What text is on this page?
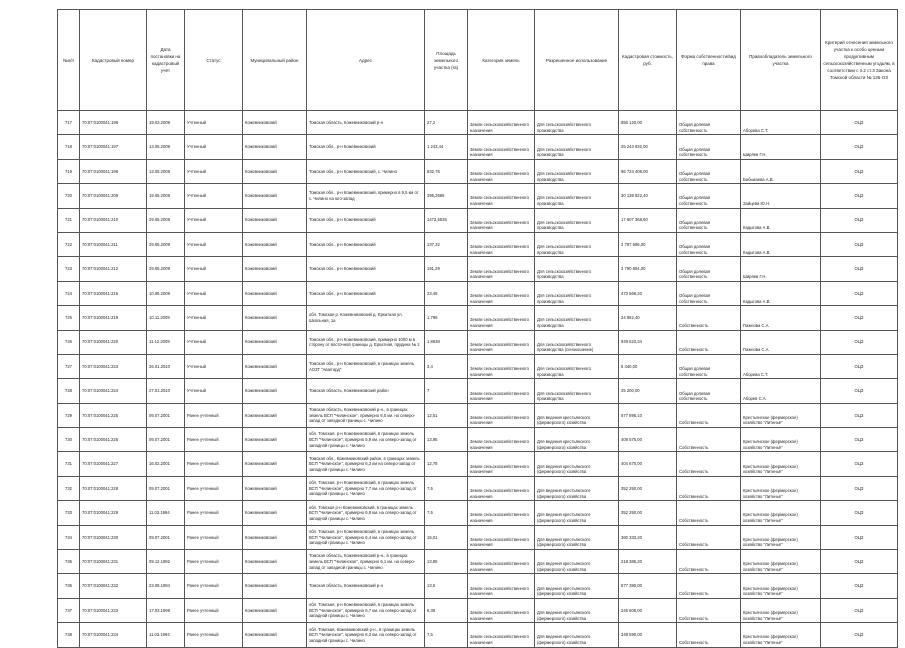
№п/п	Кадастровый номер	Дата постановки на кадастровый учёт	Статус	Муниципальный район	Адрес	Площадь земельного участка (га)	Категория земель	Разрешенное использование	Кадастровая стоимость, руб.	Форма собственности/вид права	Правообладатель земельного участка	Критерий отнесения земельного участка к особо ценным продуктивным сельскохозяйственным угодьям, в соответствии с п.2 ст.3 Закона Томской области № 135-ОЗ
717	70:07:0100041:198	19.03.2009	Учтенный	Кожевниковский	Томская область, Кожевниковский р-н	27,2	Земли сельскохозяйственного назначения	Для сельскохозяйственного производства	856 120,00	Общая долевая собственность	Аборева С.Т.	ОЦЗ
718	70:07:0100041:197	13.05.2009	Учтенный	Кожевниковский	Томская обл., р-н Кожевниковский	1 243,44	Земли сельскохозяйственного назначения	Для сельскохозяйственного производства	25 243 832,00	Общая долевая собственность	Ширяев Г.Н.	ОЦЗ
719	70:07:0100041:198	13.05.2009	Учтенный	Кожевниковский	Томская обл., р-н Кожевниковский, с. Чилино	832,76	Земли сельскохозяйственного назначения	Для сельскохозяйственного производства	96 724 408,00	Общая долевая собственность	Бабыкаева А.В.	ОЦЗ
720	70:07:0100041:209	19.05.2009	Учтенный	Кожевниковский	Томская обл., р-н Кожевниковский, примерно в 9,5 км от с. Чилино на юго-запад	395,2665	Земли сельскохозяйственного назначения	Для сельскохозяйственного производства	30 138 822,40	Общая долевая собственность	Зайцева Ю.Н.	ОЦЗ
721	70:07:0100041:210	29.05.2009	Учтенный	Кожевниковский	Томская обл., р-н Кожевниковский	1472,5535	Земли сельскохозяйственного назначения	Для сельскохозяйственного производства	17 607 368,60	Общая долевая собственность	Кадыгова А.В.	ОЦЗ
722	70:07:0100041:211	29.05.2009	Учтенный	Кожевниковский	Томская обл., р-н Кожевниковский	137,32	Земли сельскохозяйственного назначения	Для сельскохозяйственного производства	2 787 596,00	Общая долевая собственность	Кадыгова А.В.	ОЦЗ
723	70:07:0100041:212	29.05.2009	Учтенный	Кожевниковский	Томская обл., р-н Кожевниковский	191,29	Земли сельскохозяйственного назначения	Для сельскохозяйственного производства	3 790 854,00	Общая долевая собственность	Ширяев Г.Н.	ОЦЗ
724	70:07:0100041:216	10.06.2009	Учтенный	Кожевниковский	Томская обл., р-н Кожевниковский	23,48	Земли сельскохозяйственного назначения	Для сельскохозяйственного производства	473 568,20	Общая долевая собственность	Кадыгова А.В.	ОЦЗ
725	70:07:0100041:219	10.11.2009	Учтенный	Кожевниковский	обл. Томская р. Кожевниковский д. Еркатная ул. Школьная, 1а	1,796	Земли сельскохозяйственного назначения	Для сельскохозяйственного производства	24 862,40	Собственность	Пажнова С.А.	ОЦЗ
726	70:07:0100041:220	11.12.2009	Учтенный	Кожевниковский	Томская обл., р-н Кожевниковский, примерно 1000 м в сторону от восточной границы д. Еркатная, прудина № 2	1,8638	Земли сельскохозяйственного назначения	Для сельскохозяйственного производства (сенокошение)	849 623,34	Собственность	Пажнова С.А.	ОЦЗ
727	70:07:0100041:223	26.01.2010	Учтенный	Кожевниковский	Томская обл., р-н Кожевниковский, в границах земель АОЗТ "Аваггард"	3,4	Земли сельскохозяйственного назначения	Для сельскохозяйственного производства	5 440,00	Общая долевая собственность	Аборева С.Т.	ОЦЗ
728	70:07:0100041:224	27.01.2010	Учтенный	Кожевниковский	Томская область, Кожевниковский район	7	Земли сельскохозяйственного назначения	Для сельскохозяйственного производства	25 200,00	Общая долевая собственность	Аборев С.А.	ОЦЗ
729	70:07:0100041:225	09.07.2001	Ранее учтенный	Кожевниковский	Томская область, Кожевниковский р-н., в границах земель ВСП "Чилинское", примерно 6,0 км. на северо-запад от западной границы с. Чилино	12,51	Земли сельскохозяйственного назначения	Для ведения крестьянского (фермерского) хозяйства	577 895,10	Собственность	Крестьянское (фермерское) хозяйство "Литеньё"	ОЦЗ
730	70:07:0100041:226	09.07.2001	Ранее учтенный	Кожевниковский	обл. Томская, р-н Кожевниковский, в границах земель ВСП "Чилинское", примерно 5,9 км. на северо-запад от западной границы с. Чилино	13,95	Земли сельскохозяйственного назначения	Для ведения крестьянского (фермерского) хозяйства	408 575,00	Собственность	Крестьянское (фермерское) хозяйство "Литеньё"	ОЦЗ
731	70:07:0100041:227	16.02.2001	Ранее учтенный	Кожевниковский	Томская обл., Кожевниковский район, в границах земель ВСП "Чилинское", примерно 6,3 км на северо-запад от западной границы с. Чилино	12,78	Земли сельскохозяйственного назначения	Для ведения крестьянского (фермерского) хозяйства	404 670,00	Собственность	Крестьянское (фермерское) хозяйство "Литеньё"	ОЦЗ
732	70:07:0100041:228	09.07.2001	Ранее учтенный	Кожевниковский	обл. Томская, р-н Кожевниковский, в границах земель ВСП "Чилинское", примерно 7,7 км. на северо-запад от западной границы с. Чилино	7,5	Земли сельскохозяйственного назначения	Для ведения крестьянского (фермерского) хозяйства	352 250,00	Собственность	Крестьянское (фермерское) хозяйство "Литеньё"	ОЦЗ
733	70:07:0100041:229	11.03.1994	Ранее учтенный	Кожевниковский	обл. Томская р-н Кожевниковский, в границах земель ВСП "Чилинское", примерно 6,9 км. на северо-запад от западной границы с. Чилино	7,5	Земли сельскохозяйственного назначения	Для ведения крестьянского (фермерского) хозяйства	352 250,00	Собственность	Крестьянское (фермерское) хозяйство "Литеньё"	ОЦЗ
734	70:07:0100041:230	09.07.2001	Ранее учтенный	Кожевниковский	обл. Томская, р-н Кожевниковский, в границах земель ВСП "Чилинское", примерно 6,4 км. на северо-запад от западной границы с. Чилино	15,01	Земли сельскохозяйственного назначения	Для ведения крестьянского (фермерского) хозяйства	360 333,20	Собственность	Крестьянское (фермерское) хозяйство "Литеньё"	ОЦЗ
735	70:07:0100041:231	09.12.1992	Ранее учтенный	Кожевниковский	Томская область, Кожевниковский р-н., в границах земель ВСП "Чилинское", примерно 6,1 км. на северо-запад от западной границы с. Чилино	13,85	Земли сельскохозяйственного назначения	Для ведения крестьянского (фермерского) хозяйства	218 385,20	Собственность	Крестьянское (фермерское) хозяйство "Литеньё"	ОЦЗ
736	70:07:0100041:232	23.08.1994	Ранее учтенный	Кожевниковский	Томская область, Кожевниковский р-н	13,5	Земли сельскохозяйственного назначения	Для ведения крестьянского (фермерского) хозяйства	577 380,00	Собственность	Крестьянское (фермерское) хозяйство "Литеньё"	ОЦЗ
737	70:07:0100041:233	17.03.1998	Ранее учтенный	Кожевниковский	обл. Томская, р-н Кожевниковский, в границах земель ВСП "Чилинское", примерно 6,7 км. на северо-запад от западной границы с. Чилино	6,39	Земли сельскохозяйственного назначения	Для ведения крестьянского (фермерского) хозяйства	245 605,00	Собственность	Крестьянское (фермерское) хозяйство "Литеньё"	ОЦЗ
738	70:07:0100041:234	11.03.1994	Ранее учтенный	Кожевниковский	обл. Томская, Кожевниковский р-н., в границах земель ВСП "Чилинское", примерно 6,3 км. на северо-запад от западной границы с. Чилино	7,5	Земли сельскохозяйственного назначения	Для ведения крестьянского (фермерского) хозяйства	348 590,00	Собственность	Крестьянское (фермерское) хозяйство "Литеньё"	ОЦЗ
